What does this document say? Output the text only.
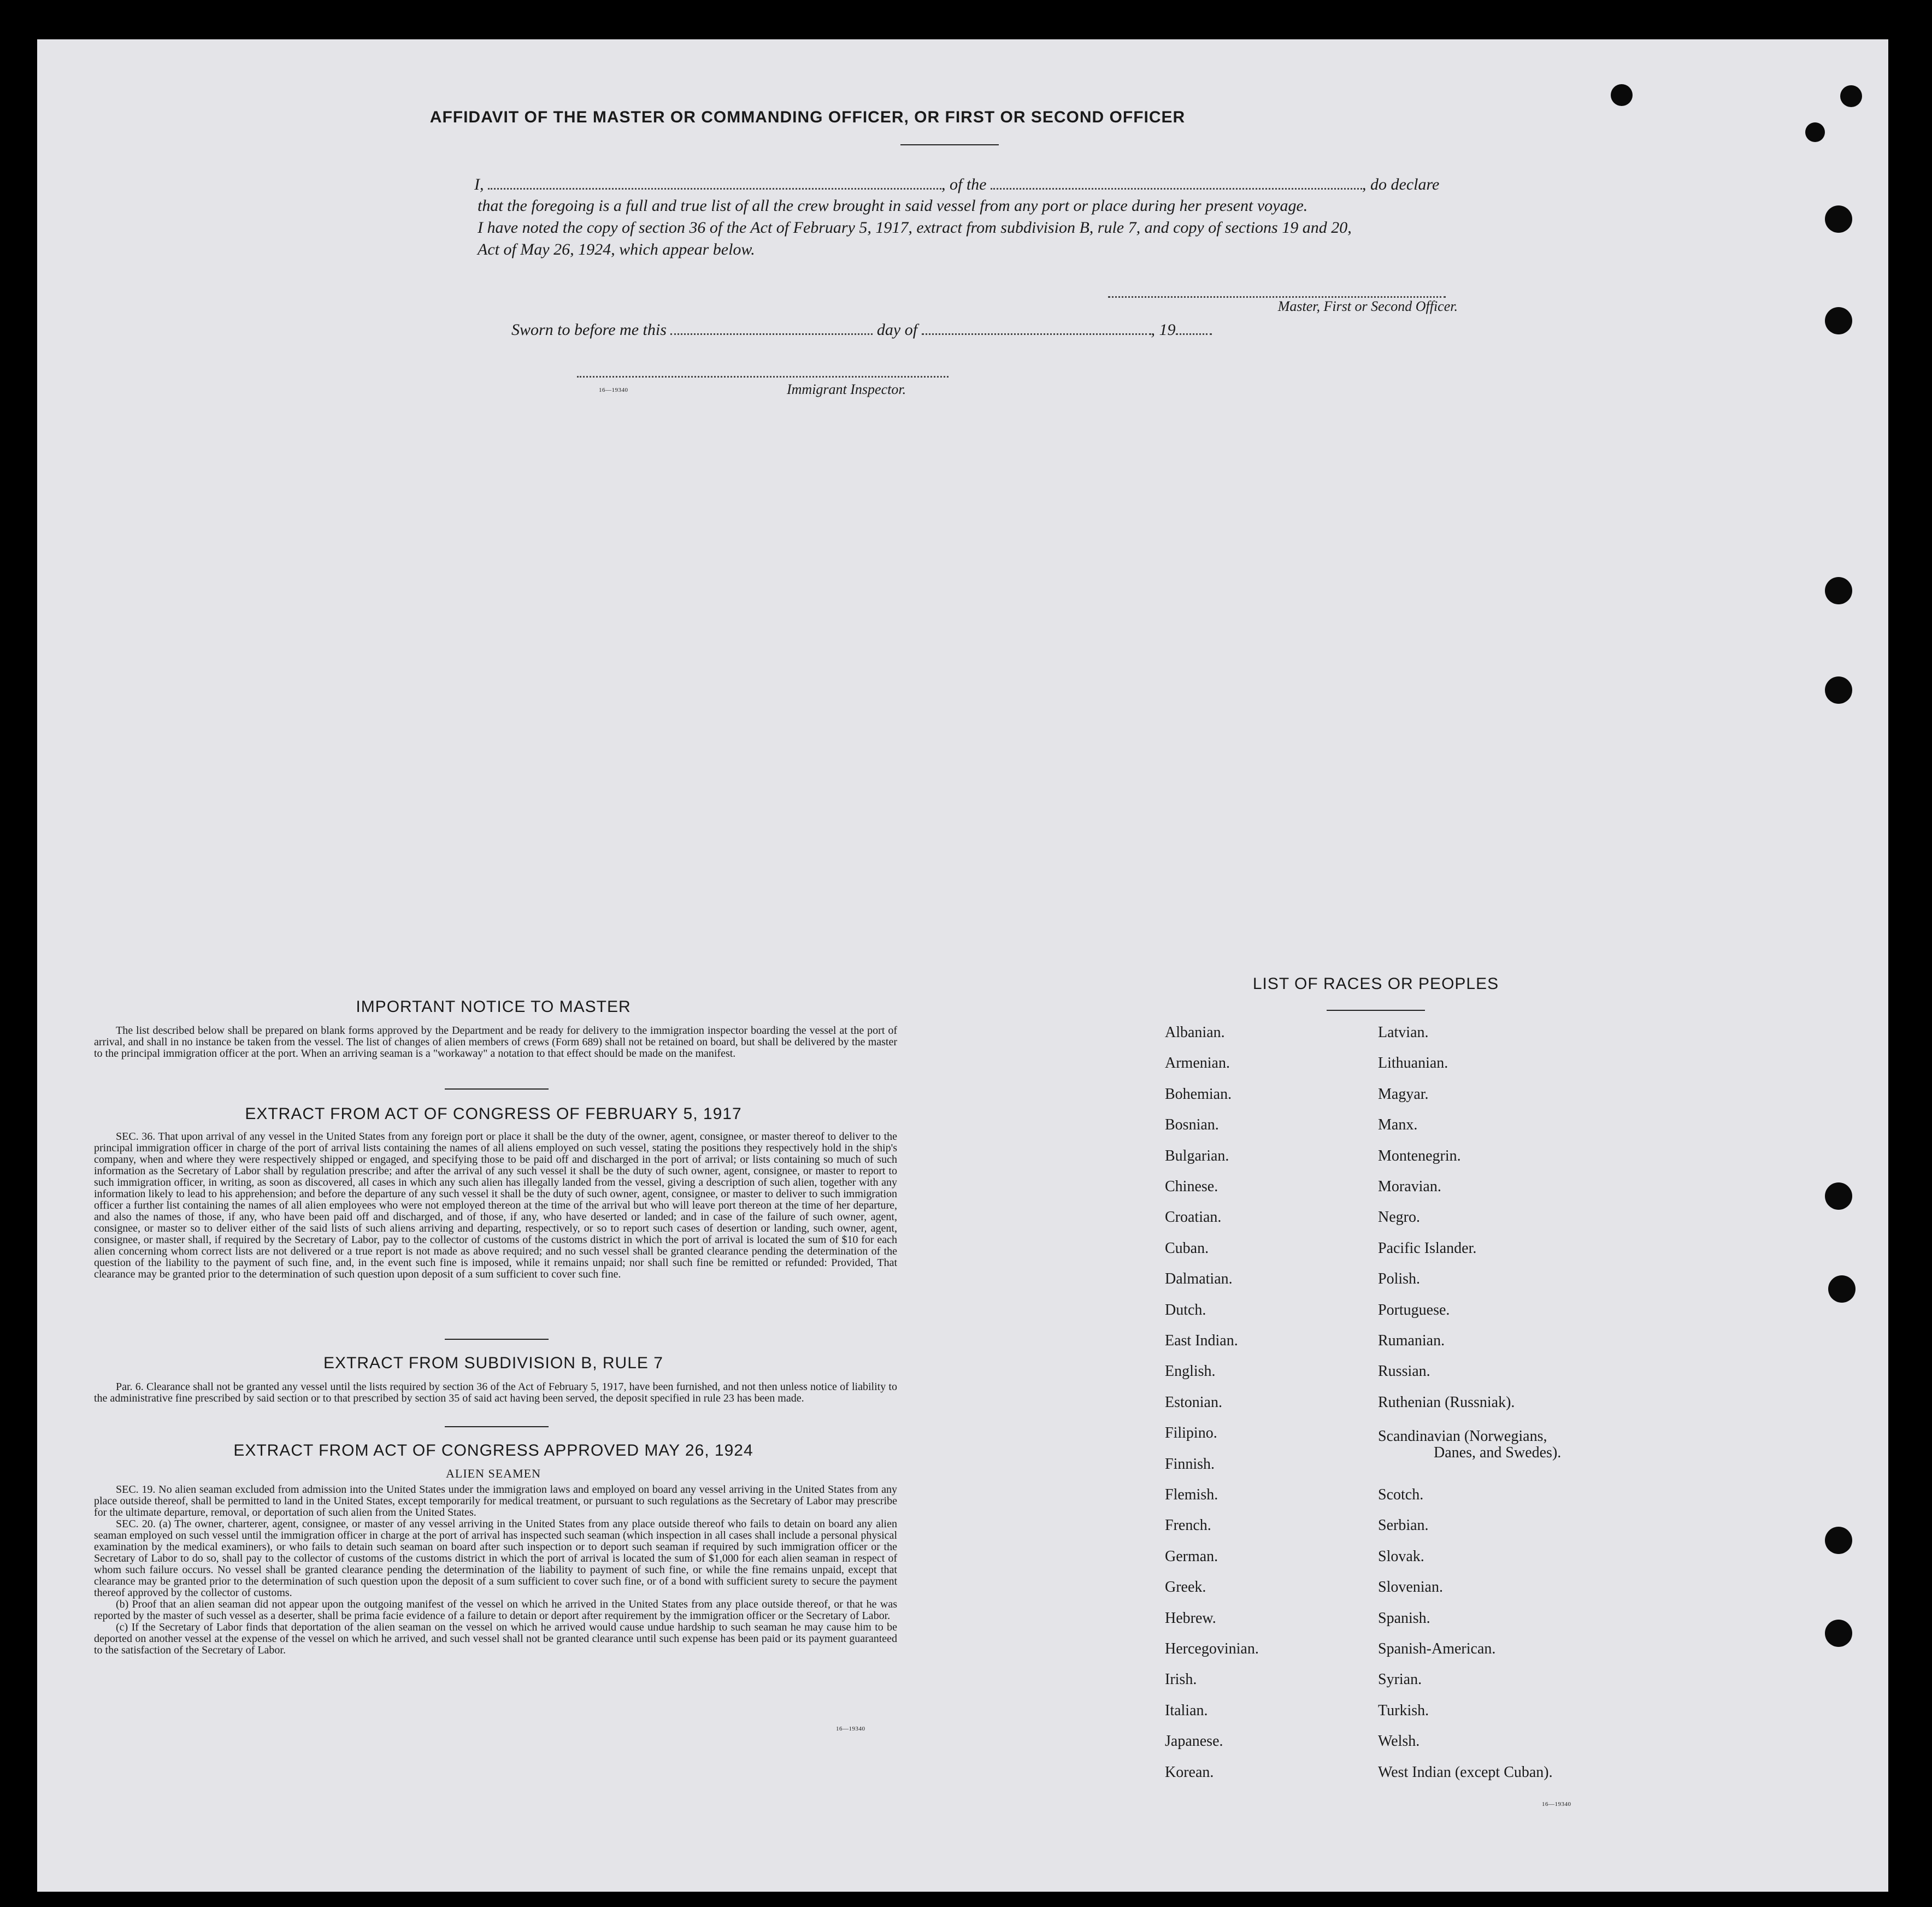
AFFIDAVIT OF THE MASTER OR COMMANDING OFFICER, OR FIRST OR SECOND OFFICER
I,	, of the	, do declare
that the foregoing is a full and true list of all the crew brought in said vessel from any port or place during her present voyage.
I have noted the copy of section 36 of the Act of February 5, 1917, extract from subdivision B, rule 7, and copy of sections 19 and 20,
Act of May 26, 1924, which appear below.
Master, First or Second Officer.
Sworn to before me this	day of	, 19
16—19340	Immigrant Inspector.
IMPORTANT NOTICE TO MASTER
The list described below shall be prepared on blank forms approved by the Department and be ready for delivery to the immigration inspector boarding the vessel at the port of arrival, and shall in no instance be taken from the vessel. The list of changes of alien members of crews (Form 689) shall not be retained on board, but shall be delivered by the master to the principal immigration officer at the port. When an arriving seaman is a "workaway" a notation to that effect should be made on the manifest.
EXTRACT FROM ACT OF CONGRESS OF FEBRUARY 5, 1917
SEC. 36. That upon arrival of any vessel in the United States from any foreign port or place it shall be the duty of the owner, agent, consignee, or master thereof to deliver to the principal immigration officer in charge of the port of arrival lists containing the names of all aliens employed on such vessel, stating the positions they respectively hold in the ship's company, when and where they were respectively shipped or engaged, and specifying those to be paid off and discharged in the port of arrival; or lists containing so much of such information as the Secretary of Labor shall by regulation prescribe; and after the arrival of any such vessel it shall be the duty of such owner, agent, consignee, or master to report to such immigration officer, in writing, as soon as discovered, all cases in which any such alien has illegally landed from the vessel, giving a description of such alien, together with any information likely to lead to his apprehension; and before the departure of any such vessel it shall be the duty of such owner, agent, consignee, or master to deliver to such immigration officer a further list containing the names of all alien employees who were not employed thereon at the time of the arrival but who will leave port thereon at the time of her departure, and also the names of those, if any, who have been paid off and discharged, and of those, if any, who have deserted or landed; and in case of the failure of such owner, agent, consignee, or master so to deliver either of the said lists of such aliens arriving and departing, respectively, or so to report such cases of desertion or landing, such owner, agent, consignee, or master shall, if required by the Secretary of Labor, pay to the collector of customs of the customs district in which the port of arrival is located the sum of $10 for each alien concerning whom correct lists are not delivered or a true report is not made as above required; and no such vessel shall be granted clearance pending the determination of the question of the liability to the payment of such fine, and, in the event such fine is imposed, while it remains unpaid; nor shall such fine be remitted or refunded: Provided, That clearance may be granted prior to the determination of such question upon deposit of a sum sufficient to cover such fine.
EXTRACT FROM SUBDIVISION B, RULE 7
Par. 6. Clearance shall not be granted any vessel until the lists required by section 36 of the Act of February 5, 1917, have been furnished, and not then unless notice of liability to the administrative fine prescribed by said section or to that prescribed by section 35 of said act having been served, the deposit specified in rule 23 has been made.
EXTRACT FROM ACT OF CONGRESS APPROVED MAY 26, 1924
ALIEN SEAMEN
SEC. 19. No alien seaman excluded from admission into the United States under the immigration laws and employed on board any vessel arriving in the United States from any place outside thereof, shall be permitted to land in the United States, except temporarily for medical treatment, or pursuant to such regulations as the Secretary of Labor may prescribe for the ultimate departure, removal, or deportation of such alien from the United States.
SEC. 20. (a) The owner, charterer, agent, consignee, or master of any vessel arriving in the United States from any place outside thereof who fails to detain on board any alien seaman employed on such vessel until the immigration officer in charge at the port of arrival has inspected such seaman (which inspection in all cases shall include a personal physical examination by the medical examiners), or who fails to detain such seaman on board after such inspection or to deport such seaman if required by such immigration officer or the Secretary of Labor to do so, shall pay to the collector of customs of the customs district in which the port of arrival is located the sum of $1,000 for each alien seaman in respect of whom such failure occurs. No vessel shall be granted clearance pending the determination of the liability to payment of such fine, or while the fine remains unpaid, except that clearance may be granted prior to the determination of such question upon the deposit of a sum sufficient to cover such fine, or of a bond with sufficient surety to secure the payment thereof approved by the collector of customs.
(b) Proof that an alien seaman did not appear upon the outgoing manifest of the vessel on which he arrived in the United States from any place outside thereof, or that he was reported by the master of such vessel as a deserter, shall be prima facie evidence of a failure to detain or deport after requirement by the immigration officer or the Secretary of Labor.
(c) If the Secretary of Labor finds that deportation of the alien seaman on the vessel on which he arrived would cause undue hardship to such seaman he may cause him to be deported on another vessel at the expense of the vessel on which he arrived, and such vessel shall not be granted clearance until such expense has been paid or its payment guaranteed to the satisfaction of the Secretary of Labor.
16—19340
LIST OF RACES OR PEOPLES
16—19340
Albanian.
Armenian.
Bohemian.
Bosnian.
Bulgarian.
Chinese.
Croatian.
Cuban.
Dalmatian.
Dutch.
East Indian.
English.
Estonian.
Filipino.
Finnish.
Flemish.
French.
German.
Greek.
Hebrew.
Hercegovinian.
Irish.
Italian.
Japanese.
Korean.
Latvian.
Lithuanian.
Magyar.
Manx.
Montenegrin.
Moravian.
Negro.
Pacific Islander.
Polish.
Portuguese.
Rumanian.
Russian.
Ruthenian (Russniak).
Scandinavian (Norwegians,
Danes, and Swedes).
Scotch.
Serbian.
Slovak.
Slovenian.
Spanish.
Spanish-American.
Syrian.
Turkish.
Welsh.
West Indian (except Cuban).
